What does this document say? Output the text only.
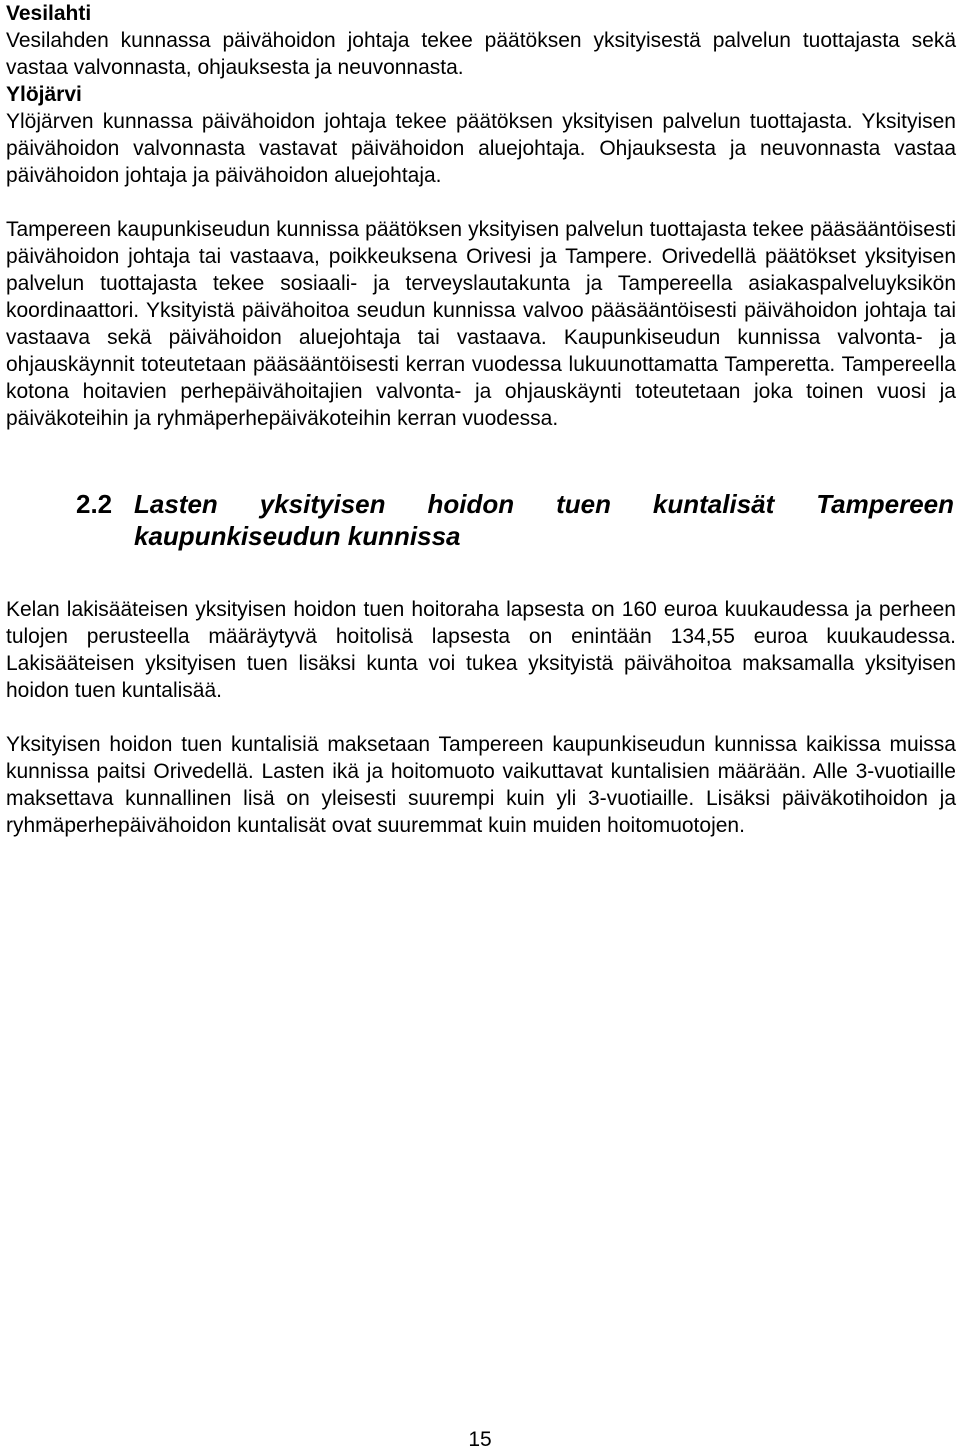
Vesilahti

Vesilahden kunnassa päivähoidon johtaja tekee päätöksen yksityisestä palvelun tuottajasta sekä vastaa valvonnasta, ohjauksesta ja neuvonnasta.

Ylöjärvi

Ylöjärven kunnassa päivähoidon johtaja tekee päätöksen yksityisen palvelun tuottajasta. Yksityisen päivähoidon valvonnasta vastavat päivähoidon aluejohtaja. Ohjauksesta ja neuvonnasta vastaa päivähoidon johtaja ja päivähoidon aluejohtaja.

Tampereen kaupunkiseudun kunnissa päätöksen yksityisen palvelun tuottajasta tekee pääsääntöisesti päivähoidon johtaja tai vastaava, poikkeuksena Orivesi ja Tampere. Orivedellä päätökset yksityisen palvelun tuottajasta tekee sosiaali- ja terveyslautakunta ja Tampereella asiakaspalveluyksikön koordinaattori. Yksityistä päivähoitoa seudun kunnissa valvoo pääsääntöisesti päivähoidon johtaja tai vastaava sekä päivähoidon aluejohtaja tai vastaava. Kaupunkiseudun kunnissa valvonta- ja ohjauskäynnit toteutetaan pääsääntöisesti kerran vuodessa lukuunottamatta Tamperetta. Tampereella kotona hoitavien perhepäivähoitajien valvonta- ja ohjauskäynti toteutetaan joka toinen vuosi ja päiväkoteihin ja ryhmäperhepäiväkoteihin kerran vuodessa.

2.2 Lasten yksityisen hoidon tuen kuntalisät Tampereen kaupunkiseudun kunnissa

Kelan lakisääteisen yksityisen hoidon tuen hoitoraha lapsesta on 160 euroa kuukaudessa ja perheen tulojen perusteella määräytyvä hoitolisä lapsesta on enintään 134,55 euroa kuukaudessa. Lakisääteisen yksityisen tuen lisäksi kunta voi tukea yksityistä päivähoitoa maksamalla yksityisen hoidon tuen kuntalisää.

Yksityisen hoidon tuen kuntalisiä maksetaan Tampereen kaupunkiseudun kunnissa kaikissa muissa kunnissa paitsi Orivedellä. Lasten ikä ja hoitomuoto vaikuttavat kuntalisien määrään. Alle 3-vuotiaille maksettava kunnallinen lisä on yleisesti suurempi kuin yli 3-vuotiaille. Lisäksi päiväkotihoidon ja ryhmäperhepäivähoidon kuntalisät ovat suuremmat kuin muiden hoitomuotojen.

15
